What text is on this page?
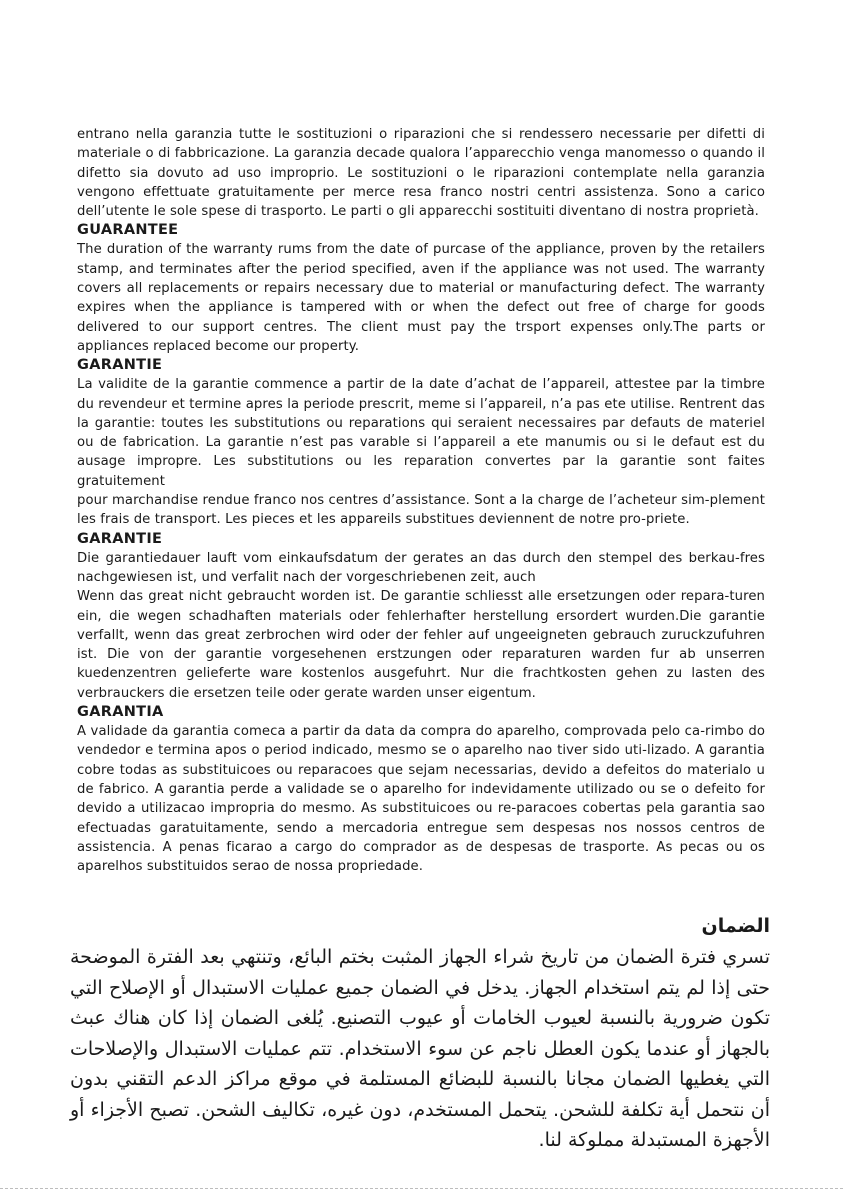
entrano nella garanzia tutte le sostituzioni o riparazioni che si rendessero necessarie per difetti di materiale o di fabbricazione. La garanzia decade qualora l’apparecchio venga manomesso o quando il difetto sia dovuto ad uso improprio. Le sostituzioni o le riparazioni contemplate nella garanzia vengono effettuate gratuitamente per merce resa franco nostri centri assistenza. Sono a carico dell’utente le sole spese di trasporto. Le parti o gli apparecchi sostituiti diventano di nostra proprietà.

GUARANTEE

The duration of the warranty rums from the date of purcase of the appliance, proven by the retailers stamp, and terminates after the period specified, aven if the appliance was not used. The warranty covers all replacements or repairs necessary due to material or manufacturing defect. The warranty expires when the appliance is tampered with or when the defect out free of charge for goods delivered to our support centres. The client must pay the trsport expenses only.The parts or appliances replaced become our property.

GARANTIE

La validite de la garantie commence a partir de la date d’achat de l’appareil, attestee par la timbre du revendeur et termine apres la periode prescrit, meme si l’appareil, n’a pas ete utilise. Rentrent das la garantie: toutes les substitutions ou reparations qui seraient necessaires par defauts de materiel ou de fabrication. La garantie n’est pas varable si l’appareil a ete manumis ou si le defaut est du ausage impropre. Les substitutions ou les reparation convertes par la garantie sont faites gratuitement

pour marchandise rendue franco nos centres d’assistance. Sont a la charge de l’acheteur sim-plement les frais de transport. Les pieces et les appareils substitues deviennent de notre pro-priete.

GARANTIE

Die garantiedauer lauft vom einkaufsdatum der gerates an das durch den stempel des berkau-fres nachgewiesen ist, und verfalit nach der vorgeschriebenen zeit, auch

Wenn das great nicht gebraucht worden ist. De garantie schliesst alle ersetzungen oder repara-turen ein, die wegen schadhaften materials oder fehlerhafter herstellung ersordert wurden.Die garantie verfallt, wenn das great zerbrochen wird oder der fehler auf ungeeigneten gebrauch zuruckzufuhren ist. Die von der garantie vorgesehenen erstzungen oder reparaturen warden fur ab unserren kuedenzentren gelieferte ware kostenlos ausgefuhrt. Nur die frachtkosten gehen zu lasten des verbrauckers die ersetzen teile oder gerate warden unser eigentum.

GARANTIA

A validade da garantia comeca a partir da data da compra do aparelho, comprovada pelo ca-rimbo do vendedor e termina apos o period indicado, mesmo se o aparelho nao tiver sido uti-lizado. A garantia cobre todas as substituicoes ou reparacoes que sejam necessarias, devido a defeitos do materialo u de fabrico. A garantia perde a validade se o aparelho for indevidamente utilizado ou se o defeito for devido a utilizacao impropria do mesmo. As substituicoes ou re-paracoes cobertas pela garantia sao efectuadas garatuitamente, sendo a mercadoria entregue sem despesas nos nossos centros de assistencia. A penas ficarao a cargo do comprador as de despesas de trasporte. As pecas ou os aparelhos substituidos serao de nossa propriedade.

الضمان

تسري فترة الضمان من تاريخ شراء الجهاز المثبت بختم البائع، وتنتهي بعد الفترة الموضحة حتى إذا لم يتم استخدام الجهاز. يدخل في الضمان جميع عمليات الاستبدال أو الإصلاح التي تكون ضرورية بالنسبة لعيوب الخامات أو عيوب التصنيع. يُلغى الضمان إذا كان هناك عبث بالجهاز أو عندما يكون العطل ناجم عن سوء الاستخدام. تتم عمليات الاستبدال والإصلاحات التي يغطيها الضمان مجانا بالنسبة للبضائع المستلمة في موقع مراكز الدعم التقني بدون أن نتحمل أية تكلفة للشحن. يتحمل المستخدم، دون غيره، تكاليف الشحن. تصبح الأجزاء أو الأجهزة المستبدلة مملوكة لنا.
